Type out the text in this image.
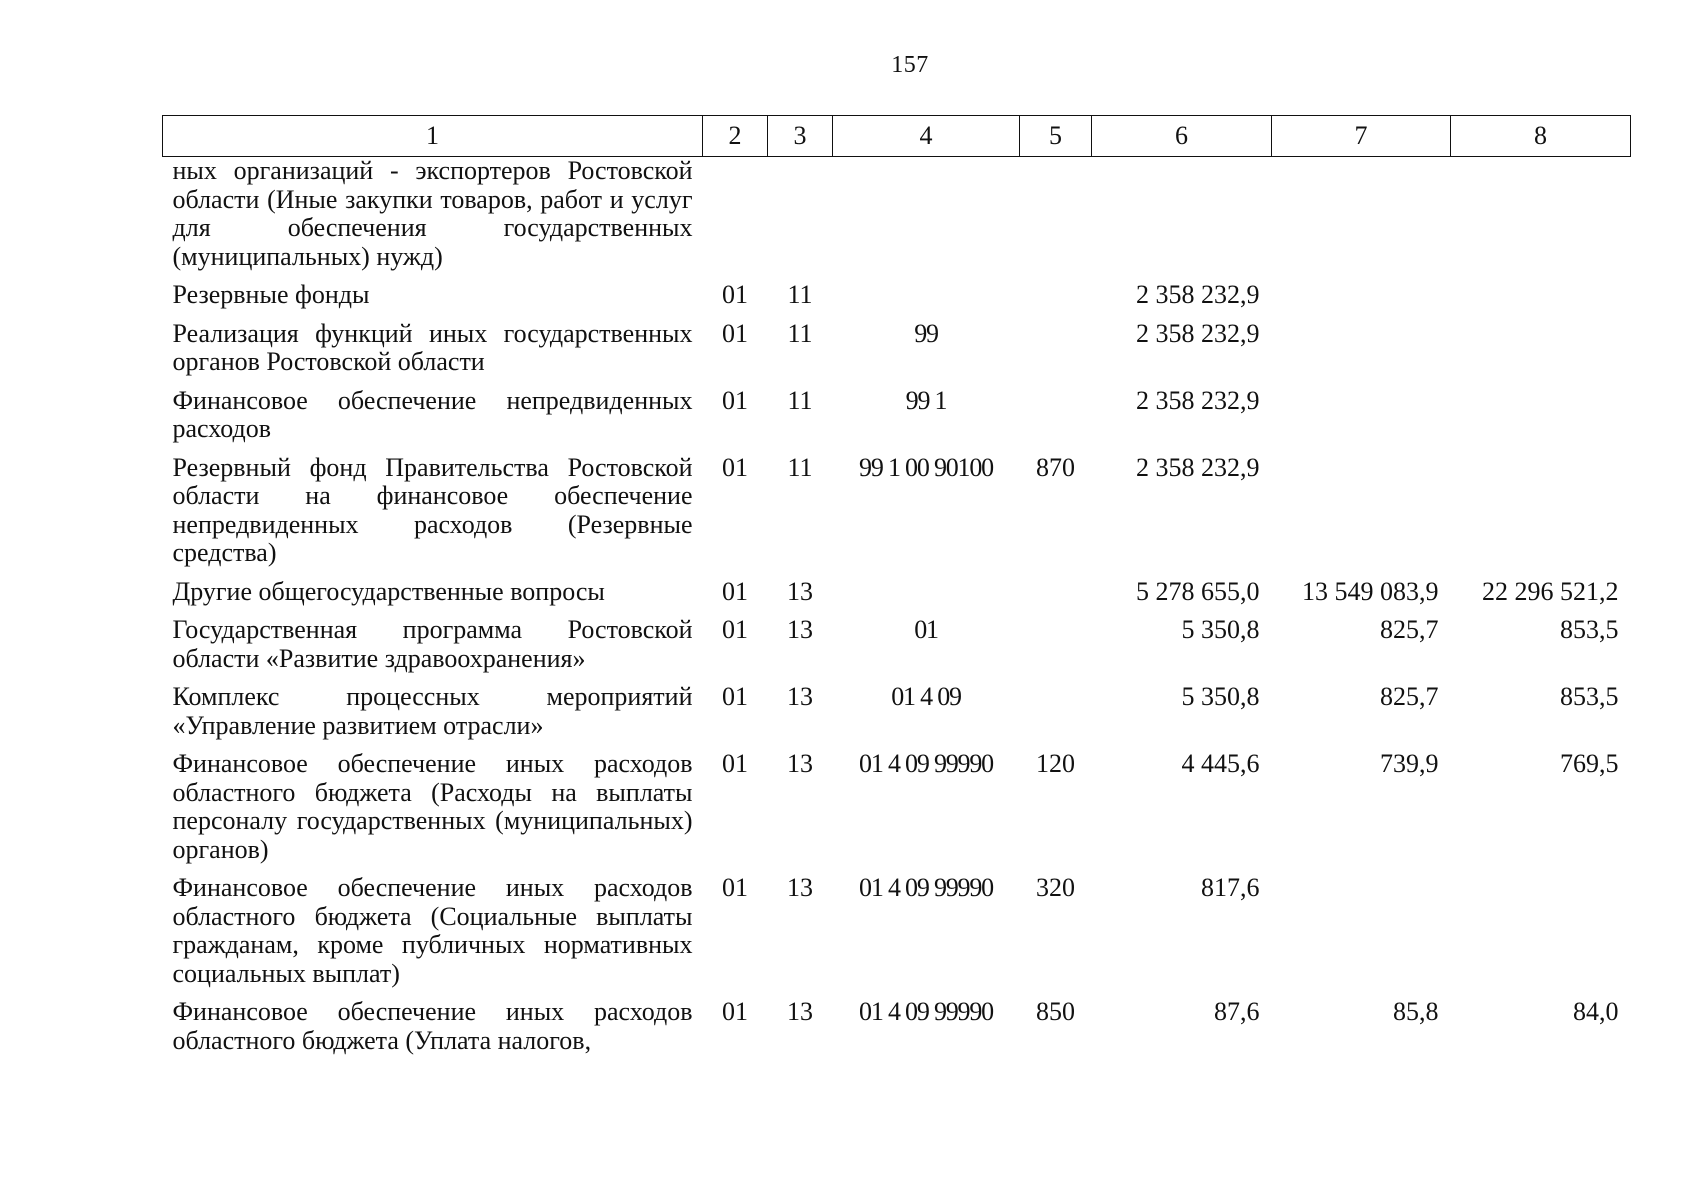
157
1	2	3	4	5	6	7	8
ных организаций - экспортеров Ростовской области (Иные закупки товаров, работ и услуг для обеспечения государственных (муниципальных) нужд)							
Резервные фонды	01	11			2 358 232,9		
Реализация функций иных государственных органов Ростовской области	01	11	99		2 358 232,9		
Финансовое обеспечение непредвиденных расходов	01	11	99 1		2 358 232,9		
Резервный фонд Правительства Ростовской области на финансовое обеспечение непредвиденных расходов (Резервные средства)	01	11	99 1 00 90100	870	2 358 232,9		
Другие общегосударственные вопросы	01	13			5 278 655,0	13 549 083,9	22 296 521,2
Государственная программа Ростовской области «Развитие здравоохранения»	01	13	01		5 350,8	825,7	853,5
Комплекс процессных мероприятий «Управление развитием отрасли»	01	13	01 4 09		5 350,8	825,7	853,5
Финансовое обеспечение иных расходов областного бюджета (Расходы на выплаты персоналу государственных (муниципальных) органов)	01	13	01 4 09 99990	120	4 445,6	739,9	769,5
Финансовое обеспечение иных расходов областного бюджета (Социальные выплаты гражданам, кроме публичных нормативных социальных выплат)	01	13	01 4 09 99990	320	817,6		
Финансовое обеспечение иных расходов областного бюджета (Уплата налогов,	01	13	01 4 09 99990	850	87,6	85,8	84,0
